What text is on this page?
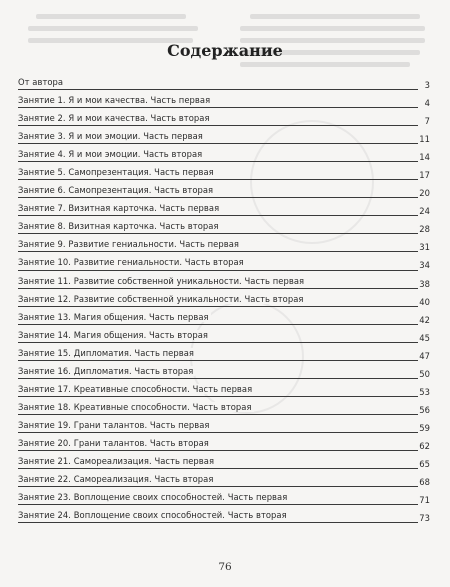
Содержание
От автора	3
Занятие 1. Я и мои качества. Часть первая	4
Занятие 2. Я и мои качества. Часть вторая	7
Занятие 3. Я и мои эмоции. Часть первая	11
Занятие 4. Я и мои эмоции. Часть вторая	14
Занятие 5. Самопрезентация. Часть первая	17
Занятие 6. Самопрезентация. Часть вторая	20
Занятие 7. Визитная карточка. Часть первая	24
Занятие 8. Визитная карточка. Часть вторая	28
Занятие 9. Развитие гениальности. Часть первая	31
Занятие 10. Развитие гениальности. Часть вторая	34
Занятие 11. Развитие собственной уникальности. Часть первая	38
Занятие 12. Развитие собственной уникальности. Часть вторая	40
Занятие 13. Магия общения. Часть первая	42
Занятие 14. Магия общения. Часть вторая	45
Занятие 15. Дипломатия. Часть первая	47
Занятие 16. Дипломатия. Часть вторая	50
Занятие 17. Креативные способности. Часть первая	53
Занятие 18. Креативные способности. Часть вторая	56
Занятие 19. Грани талантов. Часть первая	59
Занятие 20. Грани талантов. Часть вторая	62
Занятие 21. Самореализация. Часть первая	65
Занятие 22. Самореализация. Часть вторая	68
Занятие 23. Воплощение своих способностей. Часть первая	71
Занятие 24. Воплощение своих способностей. Часть вторая	73
76
